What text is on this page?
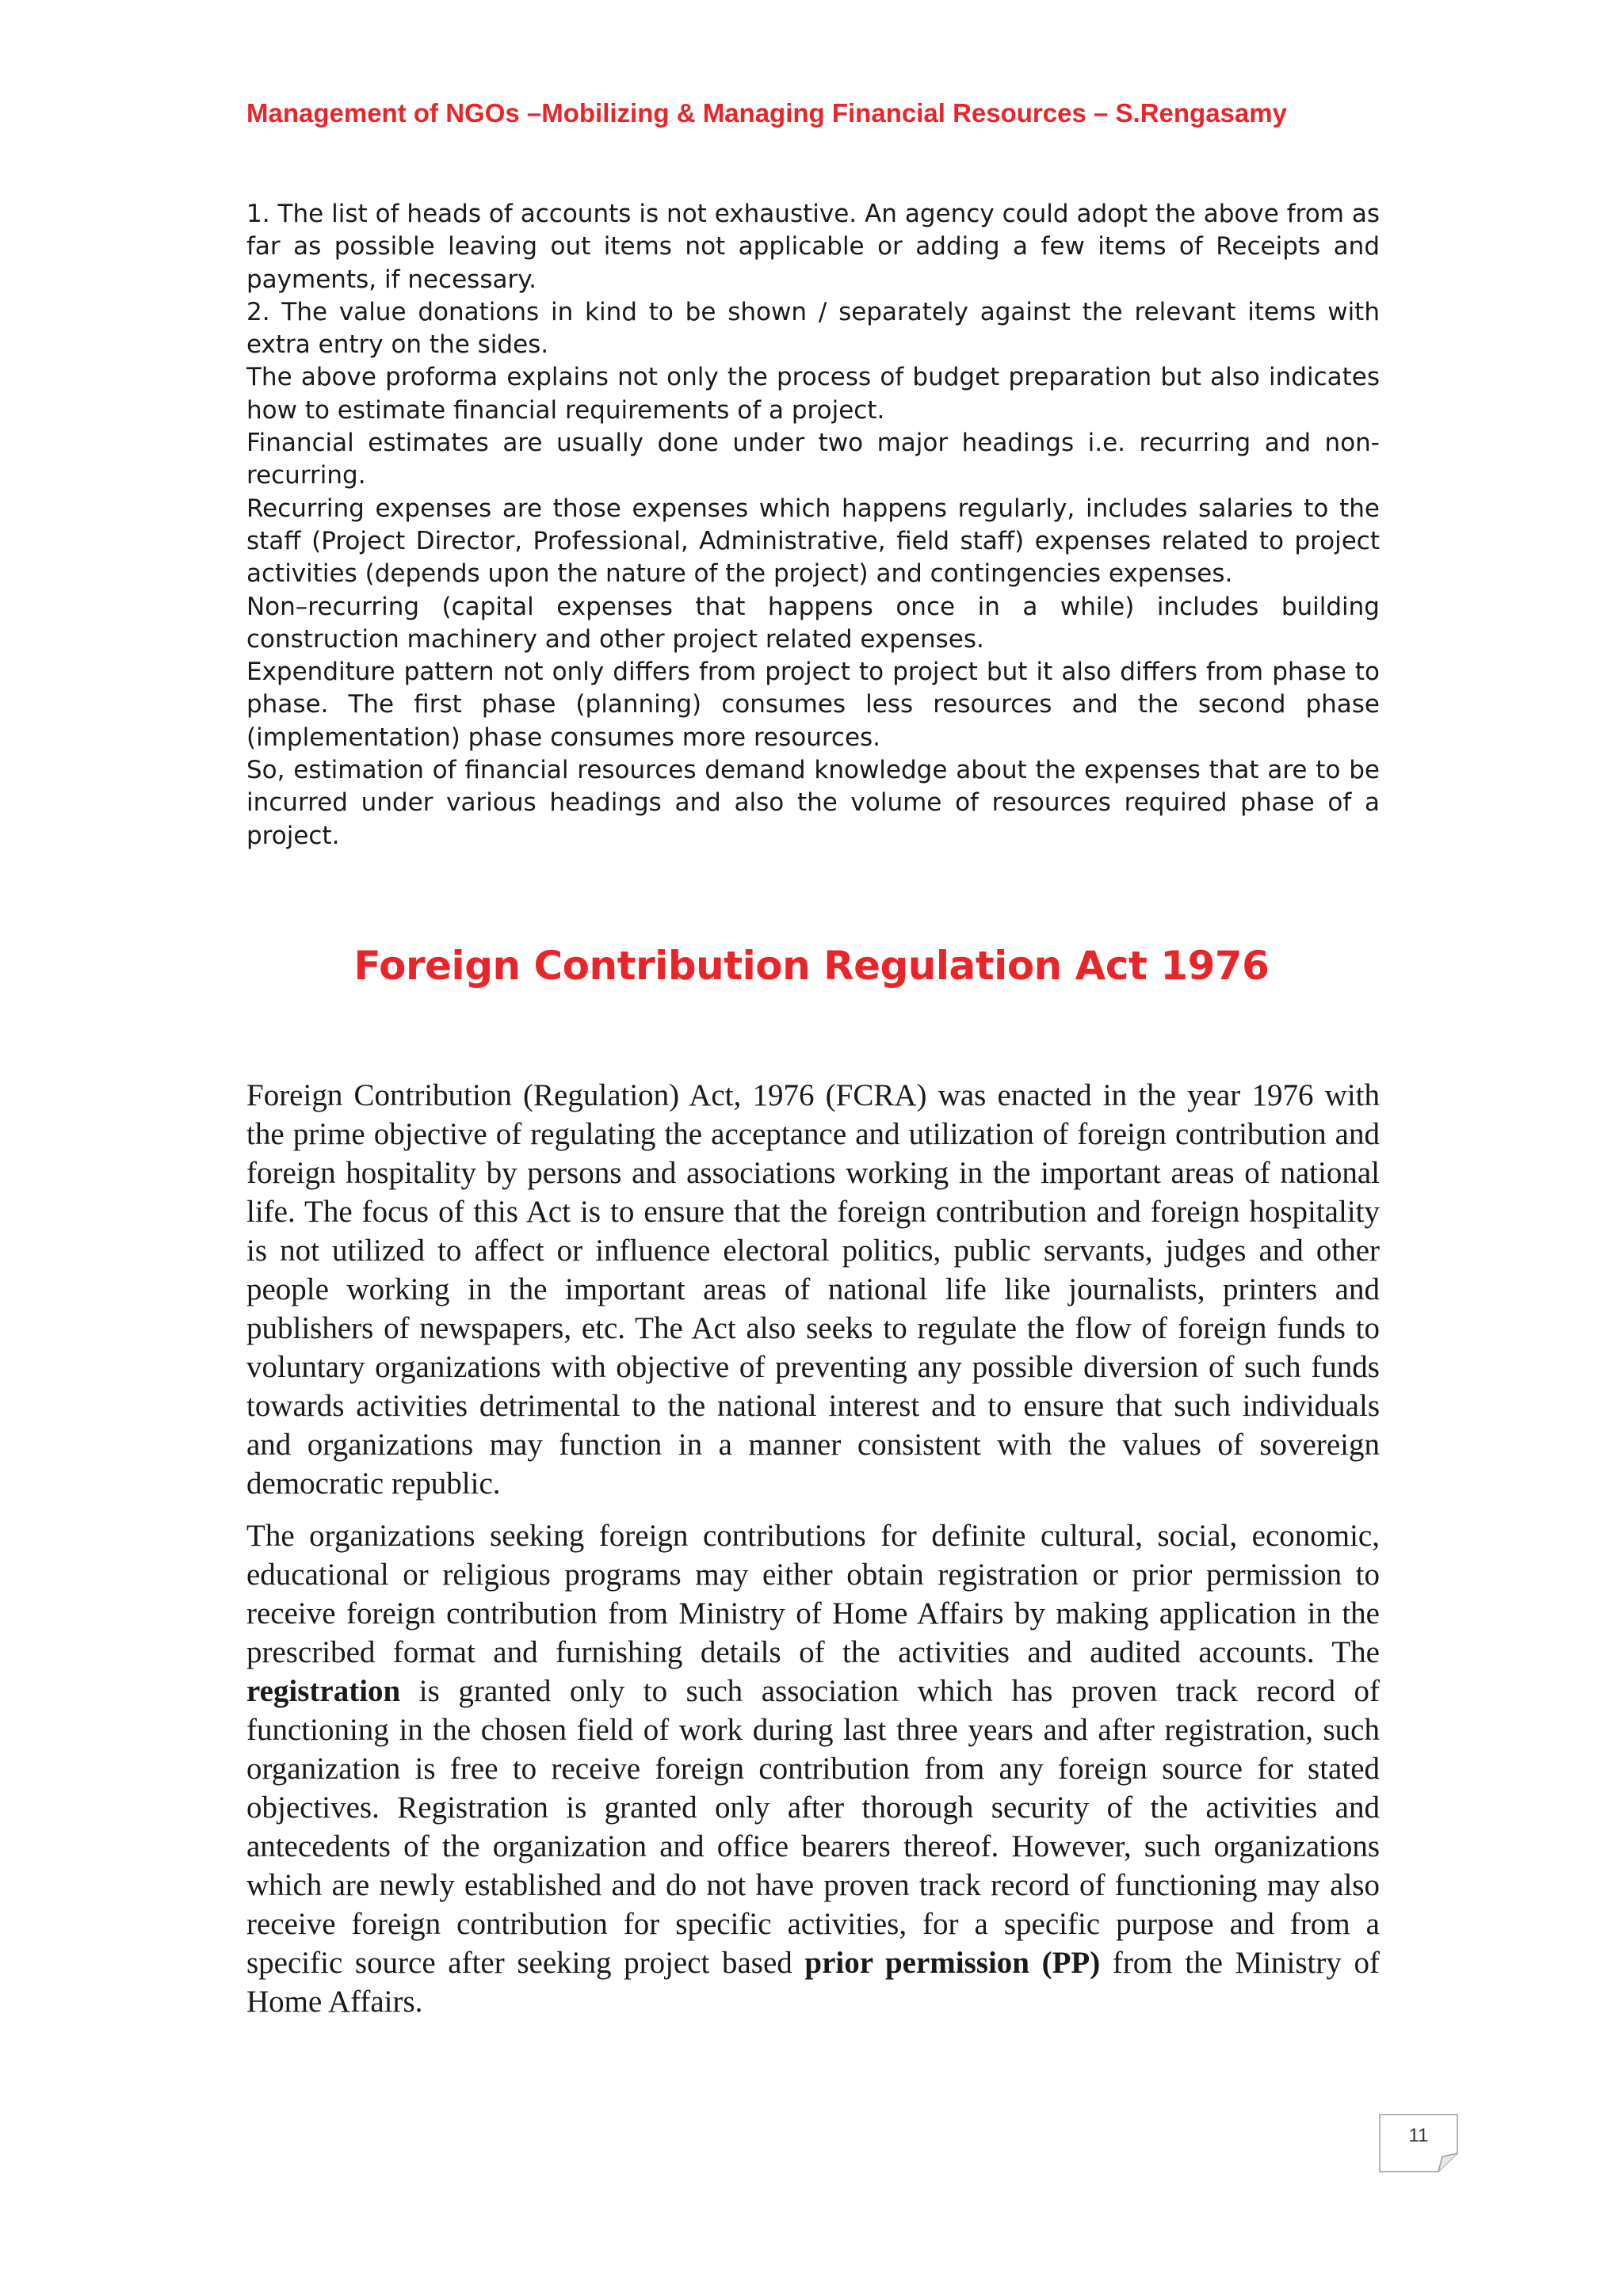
Management of NGOs –Mobilizing & Managing Financial Resources – S.Rengasamy

1. The list of heads of accounts is not exhaustive. An agency could adopt the above from as far as possible leaving out items not applicable or adding a few items of Receipts and payments, if necessary.

2. The value donations in kind to be shown / separately against the relevant items with extra entry on the sides.

The above proforma explains not only the process of budget preparation but also indicates how to estimate financial requirements of a project.

Financial estimates are usually done under two major headings i.e. recurring and non-recurring.

Recurring expenses are those expenses which happens regularly, includes salaries to the staff (Project Director, Professional, Administrative, field staff) expenses related to project activities (depends upon the nature of the project) and contingencies expenses.

Non–recurring (capital expenses that happens once in a while) includes building construction machinery and other project related expenses.

Expenditure pattern not only differs from project to project but it also differs from phase to phase. The first phase (planning) consumes less resources and the second phase (implementation) phase consumes more resources.

So, estimation of financial resources demand knowledge about the expenses that are to be incurred under various headings and also the volume of resources required phase of a project.

Foreign Contribution Regulation Act 1976

Foreign Contribution (Regulation) Act, 1976 (FCRA) was enacted in the year 1976 with the prime objective of regulating the acceptance and utilization of foreign contribution and foreign hospitality by persons and associations working in the important areas of national life. The focus of this Act is to ensure that the foreign contribution and foreign hospitality is not utilized to affect or influence electoral politics, public servants, judges and other people working in the important areas of national life like journalists, printers and publishers of newspapers, etc. The Act also seeks to regulate the flow of foreign funds to voluntary organizations with objective of preventing any possible diversion of such funds towards activities detrimental to the national interest and to ensure that such individuals and organizations may function in a manner consistent with the values of sovereign democratic republic.

The organizations seeking foreign contributions for definite cultural, social, economic, educational or religious programs may either obtain registration or prior permission to receive foreign contribution from Ministry of Home Affairs by making application in the prescribed format and furnishing details of the activities and audited accounts. The registration is granted only to such association which has proven track record of functioning in the chosen field of work during last three years and after registration, such organization is free to receive foreign contribution from any foreign source for stated objectives. Registration is granted only after thorough security of the activities and antecedents of the organization and office bearers thereof. However, such organizations which are newly established and do not have proven track record of functioning may also receive foreign contribution for specific activities, for a specific purpose and from a specific source after seeking project based prior permission (PP) from the Ministry of Home Affairs.

11
